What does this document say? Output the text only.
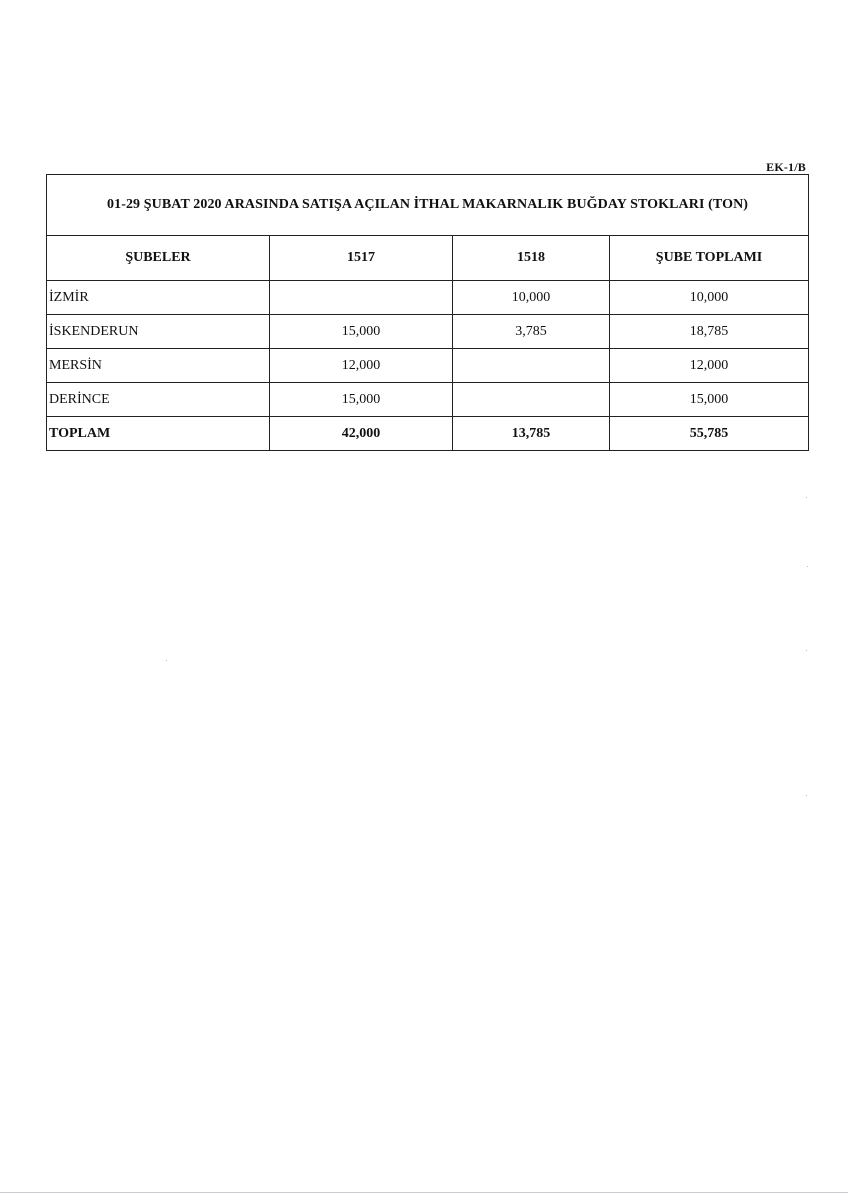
EK-1/B
01-29 ŞUBAT 2020 ARASINDA SATIŞA AÇILAN İTHAL MAKARNALIK BUĞDAY STOKLARI (TON)			
ŞUBELER	1517	1518	ŞUBE TOPLAMI
İZMİR		10,000	10,000
İSKENDERUN	15,000	3,785	18,785
MERSİN	12,000		12,000
DERİNCE	15,000		15,000
TOPLAM	42,000	13,785	55,785
